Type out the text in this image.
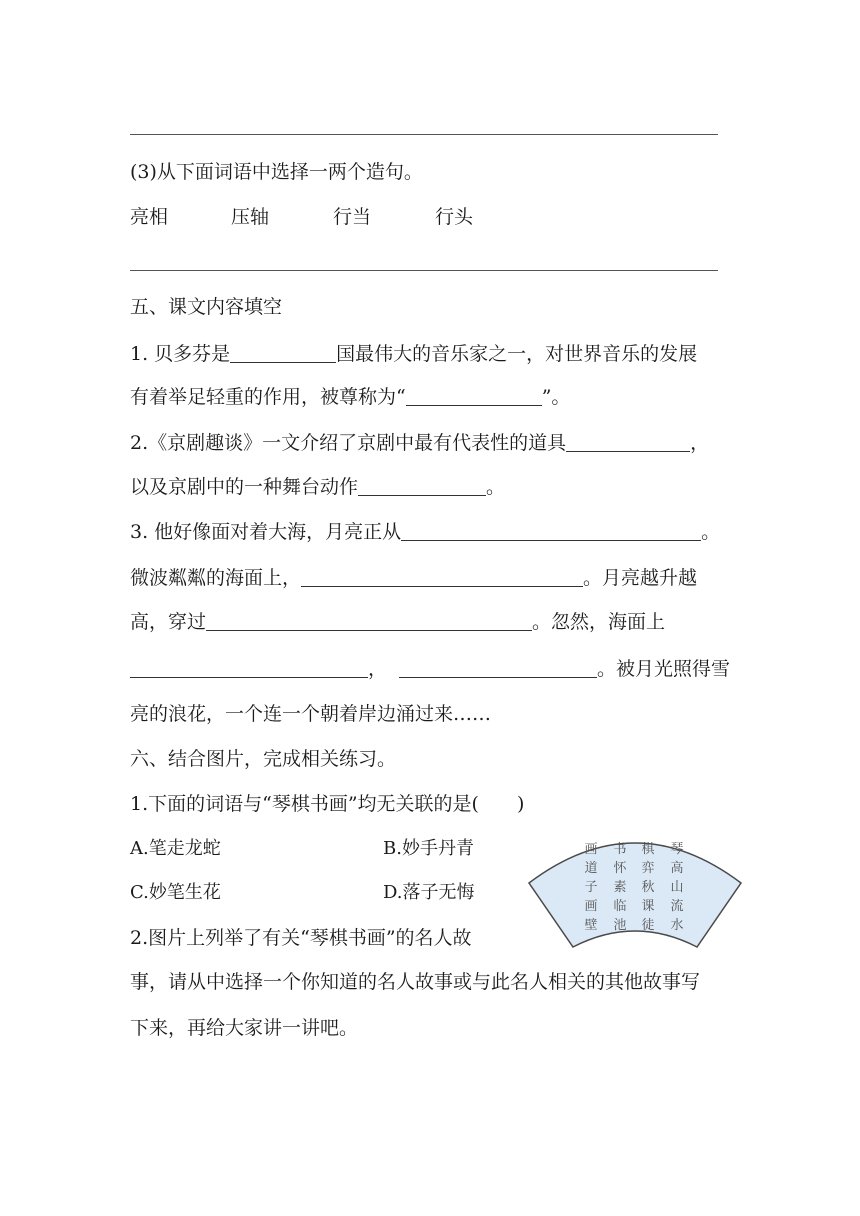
(3)从下面词语中选择一两个造句。
亮相	压轴	行当	行头
五、课文内容填空
1. 贝多芬是	国最伟大的音乐家之一，对世界音乐的发展
有着举足轻重的作用，被尊称为“	”。
2.《京剧趣谈》一文介绍了京剧中最有代表性的道具	，
以及京剧中的一种舞台动作	。
3. 他好像面对着大海，月亮正从	。
微波粼粼的海面上，	。月亮越升越
高，穿过	。忽然，海面上
，	。被月光照得雪
亮的浪花，一个连一个朝着岸边涌过来……
六、结合图片，完成相关练习。
1.下面的词语与“琴棋书画”均无关联的是(　　)
A.笔走龙蛇	B.妙手丹青
C.妙笔生花	D.落子无悔
2.图片上列举了有关“琴棋书画”的名人故
事，请从中选择一个你知道的名人故事或与此名人相关的其他故事写
下来，再给大家讲一讲吧。
画
道
子
画
壁
书
怀
素
临
池
棋
弈
秋
课
徒
琴
高
山
流
水
